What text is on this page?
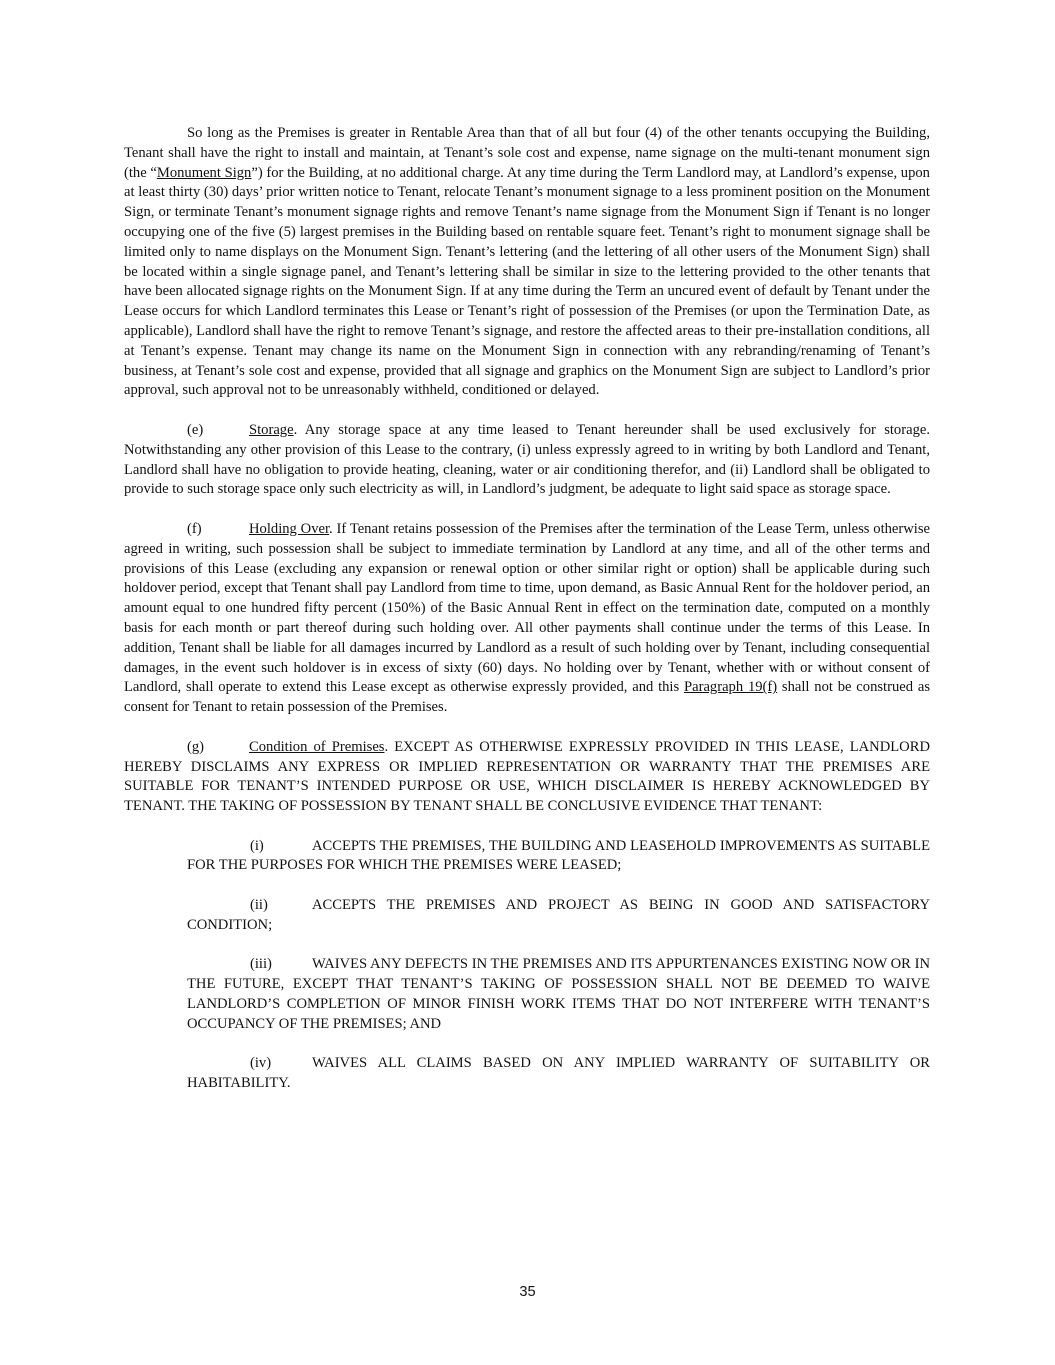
So long as the Premises is greater in Rentable Area than that of all but four (4) of the other tenants occupying the Building, Tenant shall have the right to install and maintain, at Tenant’s sole cost and expense, name signage on the multi-tenant monument sign (the “Monument Sign”) for the Building, at no additional charge. At any time during the Term Landlord may, at Landlord’s expense, upon at least thirty (30) days’ prior written notice to Tenant, relocate Tenant’s monument signage to a less prominent position on the Monument Sign, or terminate Tenant’s monument signage rights and remove Tenant’s name signage from the Monument Sign if Tenant is no longer occupying one of the five (5) largest premises in the Building based on rentable square feet. Tenant’s right to monument signage shall be limited only to name displays on the Monument Sign. Tenant’s lettering (and the lettering of all other users of the Monument Sign) shall be located within a single signage panel, and Tenant’s lettering shall be similar in size to the lettering provided to the other tenants that have been allocated signage rights on the Monument Sign. If at any time during the Term an uncured event of default by Tenant under the Lease occurs for which Landlord terminates this Lease or Tenant’s right of possession of the Premises (or upon the Termination Date, as applicable), Landlord shall have the right to remove Tenant’s signage, and restore the affected areas to their pre-installation conditions, all at Tenant’s expense. Tenant may change its name on the Monument Sign in connection with any rebranding/renaming of Tenant’s business, at Tenant’s sole cost and expense, provided that all signage and graphics on the Monument Sign are subject to Landlord’s prior approval, such approval not to be unreasonably withheld, conditioned or delayed.

(e)	Storage. Any storage space at any time leased to Tenant hereunder shall be used exclusively for storage. Notwithstanding any other provision of this Lease to the contrary, (i) unless expressly agreed to in writing by both Landlord and Tenant, Landlord shall have no obligation to provide heating, cleaning, water or air conditioning therefor, and (ii) Landlord shall be obligated to provide to such storage space only such electricity as will, in Landlord’s judgment, be adequate to light said space as storage space.

(f)	Holding Over. If Tenant retains possession of the Premises after the termination of the Lease Term, unless otherwise agreed in writing, such possession shall be subject to immediate termination by Landlord at any time, and all of the other terms and provisions of this Lease (excluding any expansion or renewal option or other similar right or option) shall be applicable during such holdover period, except that Tenant shall pay Landlord from time to time, upon demand, as Basic Annual Rent for the holdover period, an amount equal to one hundred fifty percent (150%) of the Basic Annual Rent in effect on the termination date, computed on a monthly basis for each month or part thereof during such holding over. All other payments shall continue under the terms of this Lease. In addition, Tenant shall be liable for all damages incurred by Landlord as a result of such holding over by Tenant, including consequential damages, in the event such holdover is in excess of sixty (60) days. No holding over by Tenant, whether with or without consent of Landlord, shall operate to extend this Lease except as otherwise expressly provided, and this Paragraph 19(f) shall not be construed as consent for Tenant to retain possession of the Premises.

(g)	Condition of Premises. EXCEPT AS OTHERWISE EXPRESSLY PROVIDED IN THIS LEASE, LANDLORD HEREBY DISCLAIMS ANY EXPRESS OR IMPLIED REPRESENTATION OR WARRANTY THAT THE PREMISES ARE SUITABLE FOR TENANT’S INTENDED PURPOSE OR USE, WHICH DISCLAIMER IS HEREBY ACKNOWLEDGED BY TENANT. THE TAKING OF POSSESSION BY TENANT SHALL BE CONCLUSIVE EVIDENCE THAT TENANT:

(i)	ACCEPTS THE PREMISES, THE BUILDING AND LEASEHOLD IMPROVEMENTS AS SUITABLE FOR THE PURPOSES FOR WHICH THE PREMISES WERE LEASED;

(ii)	ACCEPTS THE PREMISES AND PROJECT AS BEING IN GOOD AND SATISFACTORY CONDITION;

(iii)	WAIVES ANY DEFECTS IN THE PREMISES AND ITS APPURTENANCES EXISTING NOW OR IN THE FUTURE, EXCEPT THAT TENANT’S TAKING OF POSSESSION SHALL NOT BE DEEMED TO WAIVE LANDLORD’S COMPLETION OF MINOR FINISH WORK ITEMS THAT DO NOT INTERFERE WITH TENANT’S OCCUPANCY OF THE PREMISES; AND

(iv)	WAIVES ALL CLAIMS BASED ON ANY IMPLIED WARRANTY OF SUITABILITY OR HABITABILITY.

35
